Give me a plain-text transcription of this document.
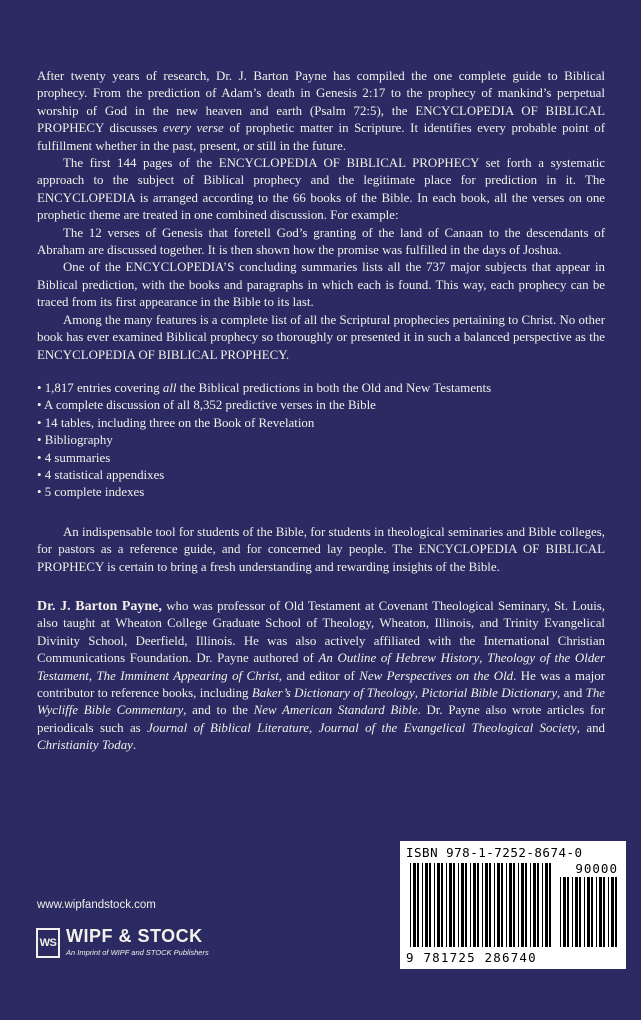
After twenty years of research, Dr. J. Barton Payne has compiled the one complete guide to Biblical prophecy. From the prediction of Adam’s death in Genesis 2:17 to the prophecy of mankind’s perpetual worship of God in the new heaven and earth (Psalm 72:5), the ENCYCLOPEDIA OF BIBLICAL PROPHECY discusses every verse of prophetic matter in Scripture. It identifies every probable point of fulfillment whether in the past, present, or still in the future.

The first 144 pages of the ENCYCLOPEDIA OF BIBLICAL PROPHECY set forth a systematic approach to the subject of Biblical prophecy and the legitimate place for prediction in it. The ENCYCLOPEDIA is arranged according to the 66 books of the Bible. In each book, all the verses on one prophetic theme are treated in one combined discussion. For example:

The 12 verses of Genesis that foretell God’s granting of the land of Canaan to the descendants of Abraham are discussed together. It is then shown how the promise was fulfilled in the days of Joshua.

One of the ENCYCLOPEDIA’S concluding summaries lists all the 737 major subjects that appear in Biblical prediction, with the books and paragraphs in which each is found. This way, each prophecy can be traced from its first appearance in the Bible to its last.

Among the many features is a complete list of all the Scriptural prophecies pertaining to Christ. No other book has ever examined Biblical prophecy so thoroughly or presented it in such a balanced perspective as the ENCYCLOPEDIA OF BIBLICAL PROPHECY.

• 1,817 entries covering all the Biblical predictions in both the Old and New Testaments
• A complete discussion of all 8,352 predictive verses in the Bible
• 14 tables, including three on the Book of Revelation
• Bibliography
• 4 summaries
• 4 statistical appendixes
• 5 complete indexes

An indispensable tool for students of the Bible, for students in theological seminaries and Bible colleges, for pastors as a reference guide, and for concerned lay people. The ENCYCLOPEDIA OF BIBLICAL PROPHECY is certain to bring a fresh understanding and rewarding insights of the Bible.

Dr. J. Barton Payne, who was professor of Old Testament at Covenant Theological Seminary, St. Louis, also taught at Wheaton College Graduate School of Theology, Wheaton, Illinois, and Trinity Evangelical Divinity School, Deerfield, Illinois. He was also actively affiliated with the International Christian Communications Foundation. Dr. Payne authored of An Outline of Hebrew History, Theology of the Older Testament, The Imminent Appearing of Christ, and editor of New Perspectives on the Old. He was a major contributor to reference books, including Baker’s Dictionary of Theology, Pictorial Bible Dictionary, and The Wycliffe Bible Commentary, and to the New American Standard Bible. Dr. Payne also wrote articles for periodicals such as Journal of Biblical Literature, Journal of the Evangelical Theological Society, and Christianity Today.

ISBN 978-1-7252-8674-0
90000
9 781725 286740
www.wipfandstock.com
WS WIPF & STOCK
An Imprint of WIPF and STOCK Publishers
